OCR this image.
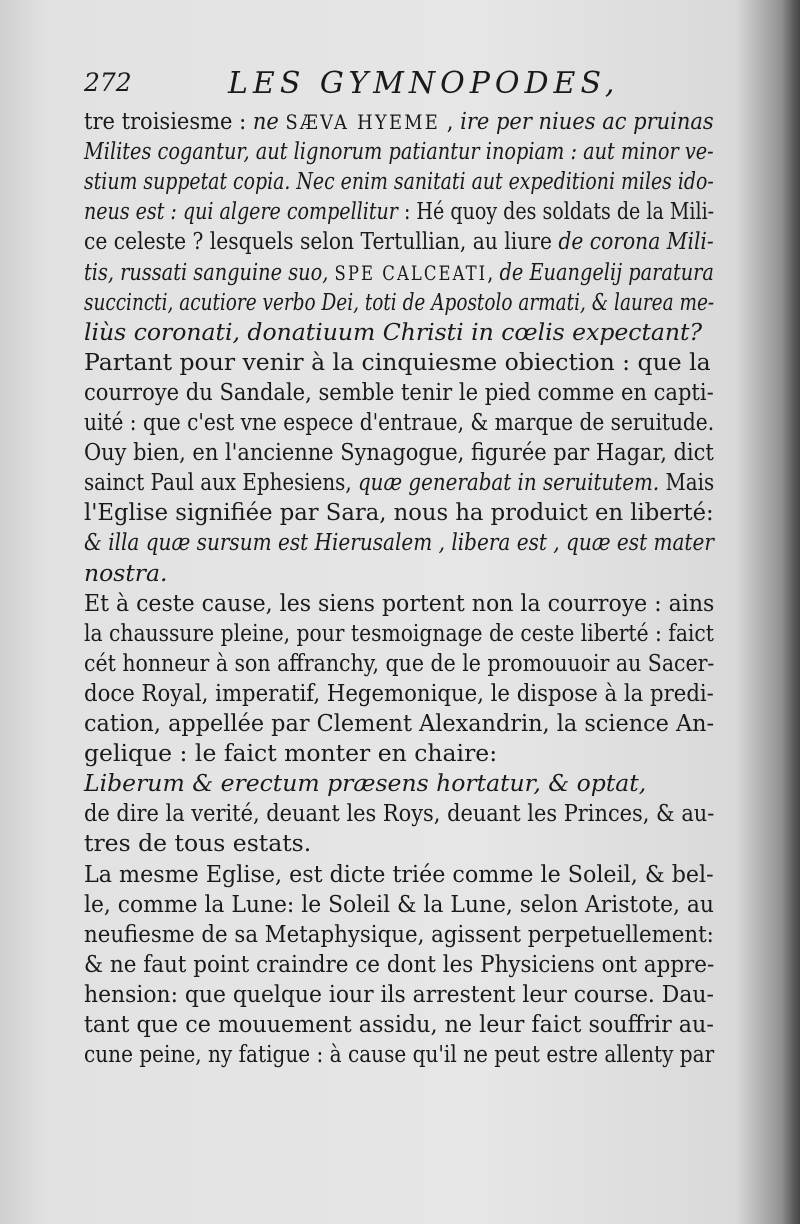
272	LES GYMNOPODES,
tre troisiesme : ne SÆVA HYEME , ire per niues ac pruinas
Milites cogantur, aut lignorum patiantur inopiam : aut minor ve-
stium suppetat copia. Nec enim sanitati aut expeditioni miles ido-
neus est : qui algere compellitur : Hé quoy des soldats de la Mili-
ce celeste ? lesquels selon Tertullian, au liure de corona Mili-
tis, russati sanguine suo, SPE CALCEATI, de Euangelij paratura
succincti, acutiore verbo Dei, toti de Apostolo armati, & laurea me-
liùs coronati, donatiuum Christi in cœlis expectant?
Partant pour venir à la cinquiesme obiection : que la
courroye du Sandale, semble tenir le pied comme en capti-
uité : que c'est vne espece d'entraue, & marque de seruitude.
Ouy bien, en l'ancienne Synagogue, figurée par Hagar, dict
sainct Paul aux Ephesiens, quæ generabat in seruitutem. Mais
l'Eglise signifiée par Sara, nous ha produict en liberté:
& illa quæ sursum est Hierusalem , libera est , quæ est mater
nostra.
Et à ceste cause, les siens portent non la courroye : ains
la chaussure pleine, pour tesmoignage de ceste liberté : faict
cét honneur à son affranchy, que de le promouuoir au Sacer-
doce Royal, imperatif, Hegemonique, le dispose à la predi-
cation, appellée par Clement Alexandrin, la science An-
gelique : le faict monter en chaire:
Liberum & erectum præsens hortatur, & optat,
de dire la verité, deuant les Roys, deuant les Princes, & au-
tres de tous estats.
La mesme Eglise, est dicte triée comme le Soleil, & bel-
le, comme la Lune: le Soleil & la Lune, selon Aristote, au
neufiesme de sa Metaphysique, agissent perpetuellement:
& ne faut point craindre ce dont les Physiciens ont appre-
hension: que quelque iour ils arrestent leur course. Dau-
tant que ce mouuement assidu, ne leur faict souffrir au-
cune peine, ny fatigue : à cause qu'il ne peut estre allenty par
